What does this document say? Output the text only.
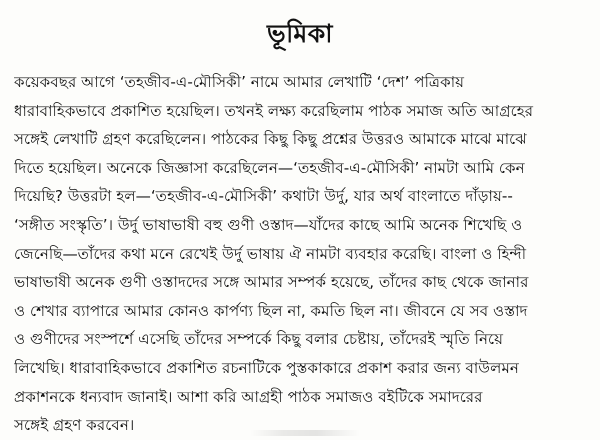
ভূমিকা
কয়েকবছর আগে ‘তহজীব-এ-মৌসিকী’ নামে আমার লেখাটি ‘দেশ’ পত্রিকায়
ধারাবাহিকভাবে প্রকাশিত হয়েছিল। তখনই লক্ষ্য করেছিলাম পাঠক সমাজ অতি আগ্রহের
সঙ্গেই লেখাটি গ্রহণ করেছিলেন। পাঠকের কিছু কিছু প্রশ্নের উত্তরও আমাকে মাঝে মাঝে
দিতে হয়েছিল। অনেকে জিজ্ঞাসা করেছিলেন—‘তহজীব-এ-মৌসিকী’ নামটা আমি কেন
দিয়েছি? উত্তরটা হল—‘তহজীব-এ-মৌসিকী’ কথাটা উর্দু, যার অর্থ বাংলাতে দাঁড়ায়--
‘সঙ্গীত সংস্কৃতি’। উর্দু ভাষাভাষী বহু গুণী ওস্তাদ—যাঁদের কাছে আমি অনেক শিখেছি ও
জেনেছি—তাঁদের কথা মনে রেখেই উর্দু ভাষায় ঐ নামটা ব্যবহার করেছি। বাংলা ও হিন্দী
ভাষাভাষী অনেক গুণী ওস্তাদদের সঙ্গে আমার সম্পর্ক হয়েছে, তাঁদের কাছ থেকে জানার
ও শেখার ব্যাপারে আমার কোনও কার্পণ্য ছিল না, কমতি ছিল না। জীবনে যে সব ওস্তাদ
ও গুণীদের সংস্পর্শে এসেছি তাঁদের সম্পর্কে কিছু বলার চেষ্টায়, তাঁদেরই স্মৃতি নিয়ে
লিখেছি। ধারাবাহিকভাবে প্রকাশিত রচনাটিকে পুস্তকাকারে প্রকাশ করার জন্য বাউলমন
প্রকাশনকে ধন্যবাদ জানাই। আশা করি আগ্রহী পাঠক সমাজও বইটিকে সমাদরের
সঙ্গেই গ্রহণ করবেন।
